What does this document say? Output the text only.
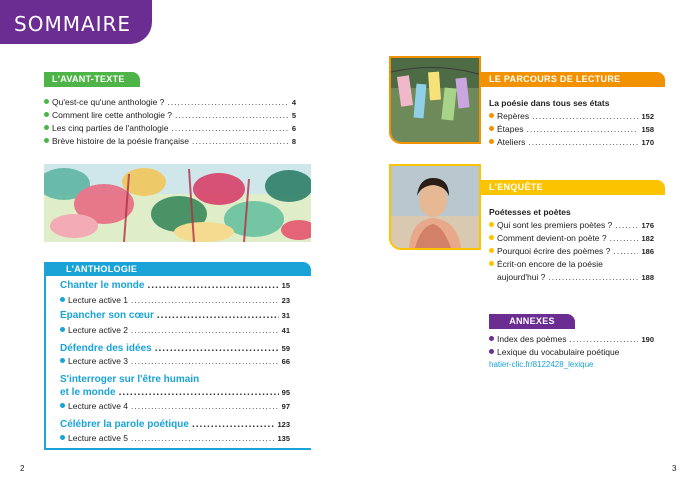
SOMMAIRE
L'AVANT-TEXTE
Qu'est-ce qu'une anthologie ? .....	4
Comment lire cette anthologie ? .....	5
Les cinq parties de l'anthologie .....	6
Brève histoire de la poésie française .....	8
L'ANTHOLOGIE
Chanter le monde .....	15
Lecture active 1 .....	23
Épancher son cœur .....	31
Lecture active 2 .....	41
Défendre des idées .....	59
Lecture active 3 .....	66
S'interroger sur l'être humain
et le monde .....	95
Lecture active 4 .....	97
Célébrer la parole poétique .....	123
Lecture active 5 .....	135
LE PARCOURS DE LECTURE
La poésie dans tous ses états
Repères .....	152
Étapes .....	158
Ateliers .....	170
L'ENQUÊTE
Poétesses et poètes
Qui sont les premiers poètes ? .....	176
Comment devient-on poète ? .....	182
Pourquoi écrire des poèmes ? .....	186
Écrit-on encore de la poésie
aujourd'hui ? .....	188
ANNEXES
Index des poèmes .....	190
Lexique du vocabulaire poétique
hatier-clic.fr/8122428_lexique
2	3
